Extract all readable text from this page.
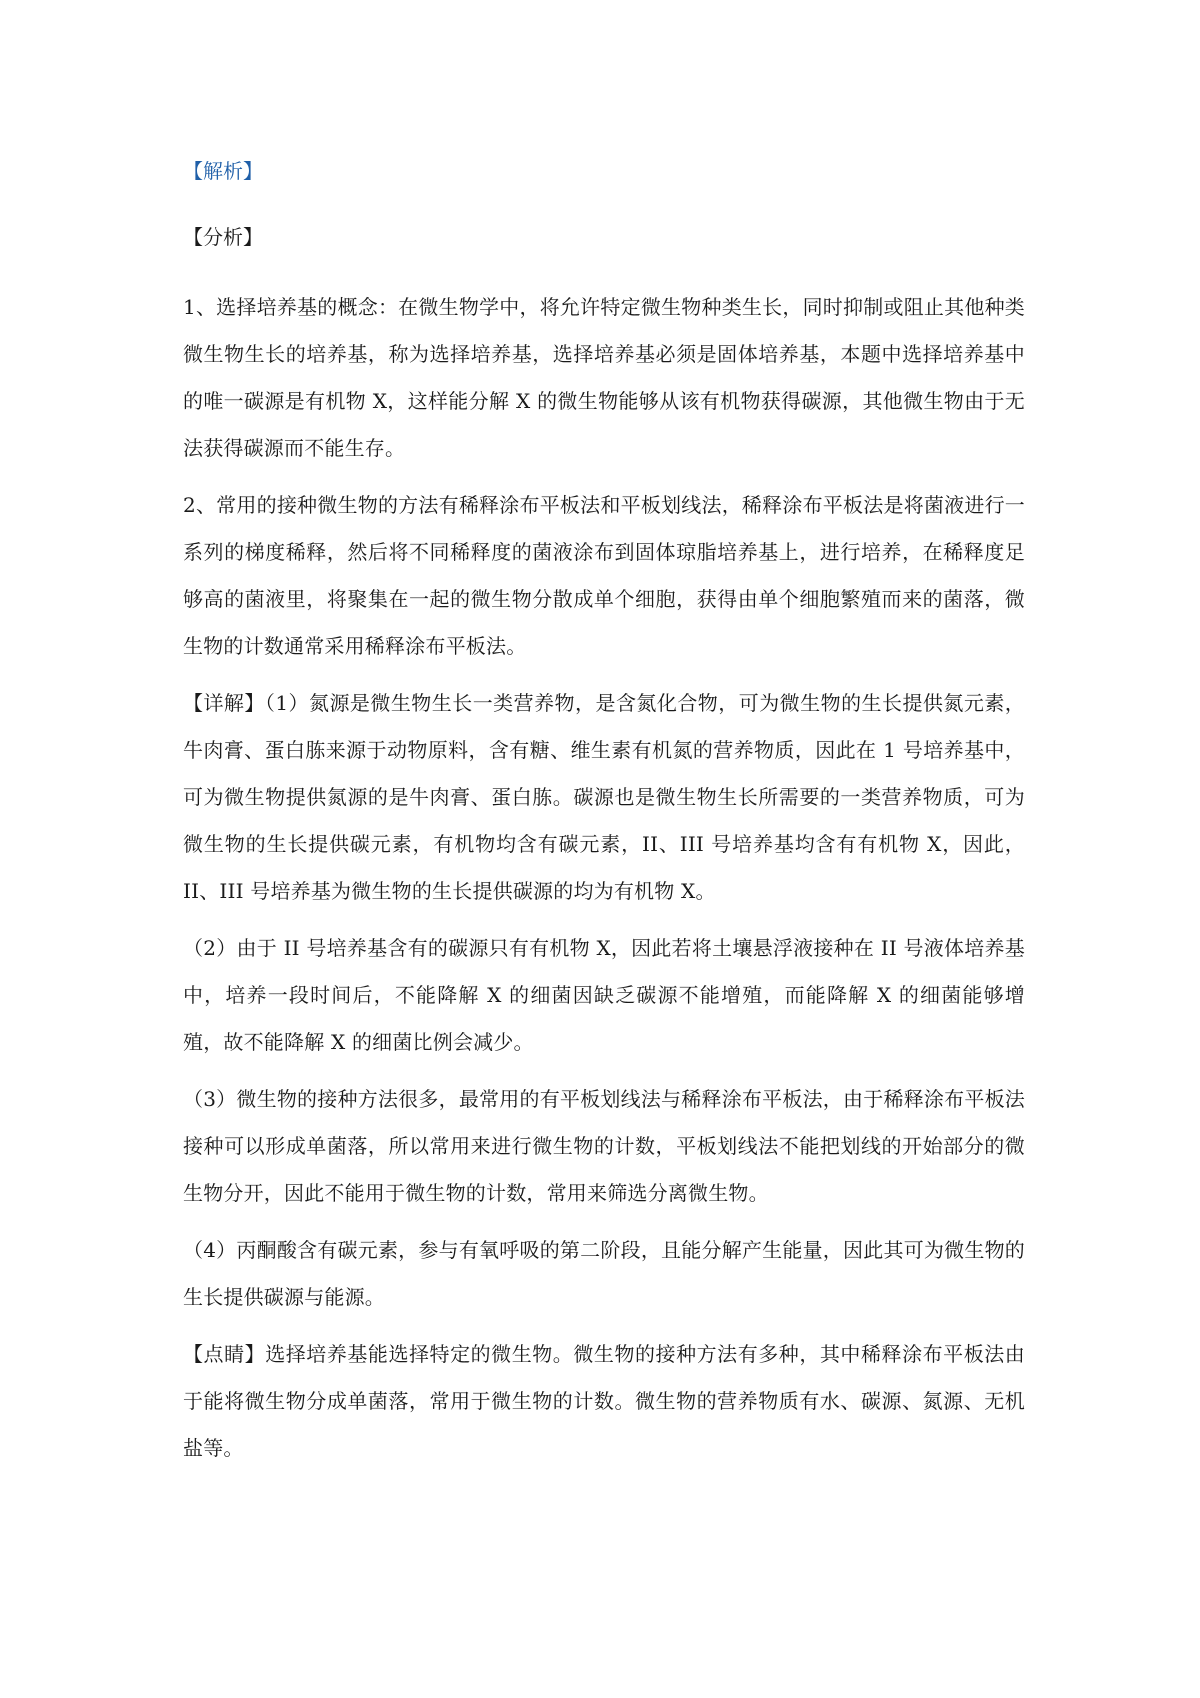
【解析】
【分析】

1、选择培养基的概念：在微生物学中，将允许特定微生物种类生长，同时抑制或阻止其他种类微生物生长的培养基，称为选择培养基，选择培养基必须是固体培养基，本题中选择培养基中的唯一碳源是有机物 X，这样能分解 X 的微生物能够从该有机物获得碳源，其他微生物由于无法获得碳源而不能生存。

2、常用的接种微生物的方法有稀释涂布平板法和平板划线法，稀释涂布平板法是将菌液进行一系列的梯度稀释，然后将不同稀释度的菌液涂布到固体琼脂培养基上，进行培养，在稀释度足够高的菌液里，将聚集在一起的微生物分散成单个细胞，获得由单个细胞繁殖而来的菌落，微生物的计数通常采用稀释涂布平板法。

【详解】（1）氮源是微生物生长一类营养物，是含氮化合物，可为微生物的生长提供氮元素，牛肉膏、蛋白胨来源于动物原料，含有糖、维生素有机氮的营养物质，因此在 1 号培养基中，可为微生物提供氮源的是牛肉膏、蛋白胨。碳源也是微生物生长所需要的一类营养物质，可为微生物的生长提供碳元素，有机物均含有碳元素，II、III 号培养基均含有有机物 X，因此，II、III 号培养基为微生物的生长提供碳源的均为有机物 X。

（2）由于 II 号培养基含有的碳源只有有机物 X，因此若将土壤悬浮液接种在 II 号液体培养基中，培养一段时间后，不能降解 X 的细菌因缺乏碳源不能增殖，而能降解 X 的细菌能够增殖，故不能降解 X 的细菌比例会减少。

（3）微生物的接种方法很多，最常用的有平板划线法与稀释涂布平板法，由于稀释涂布平板法接种可以形成单菌落，所以常用来进行微生物的计数，平板划线法不能把划线的开始部分的微生物分开，因此不能用于微生物的计数，常用来筛选分离微生物。

（4）丙酮酸含有碳元素，参与有氧呼吸的第二阶段，且能分解产生能量，因此其可为微生物的生长提供碳源与能源。

【点睛】选择培养基能选择特定的微生物。微生物的接种方法有多种，其中稀释涂布平板法由于能将微生物分成单菌落，常用于微生物的计数。微生物的营养物质有水、碳源、氮源、无机盐等。
